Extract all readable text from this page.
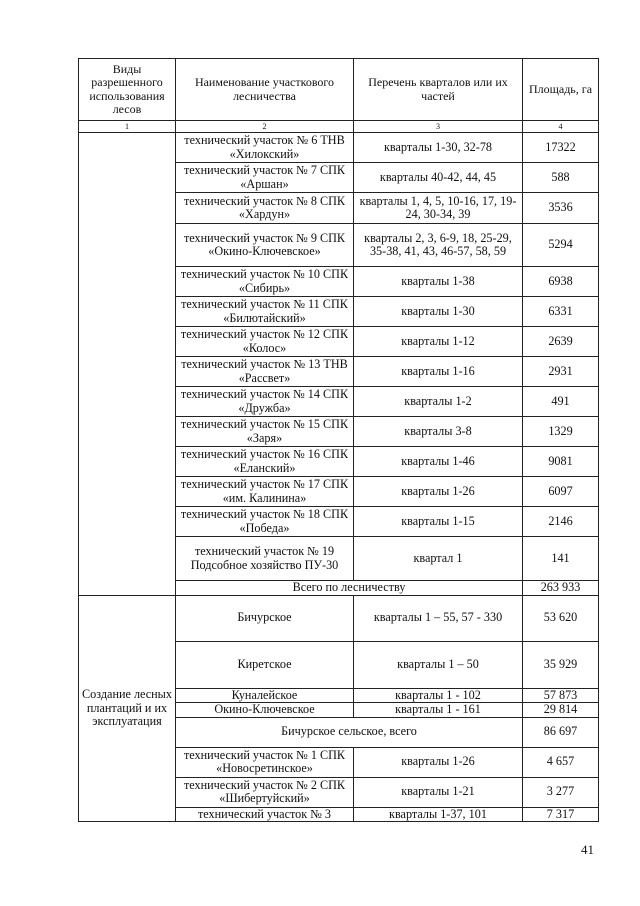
Виды разрешенного использования лесов	Наименование участкового лесничества	Перечень кварталов или их частей	Площадь, га
1	2	3	4
	технический участок № 6 ТНВ «Хилокский»	кварталы 1-30, 32-78	17322
	технический участок № 7 СПК «Аршан»	кварталы 40-42, 44, 45	588
	технический участок № 8 СПК «Хардун»	кварталы 1, 4, 5, 10-16, 17, 19-24, 30-34, 39	3536
	технический участок № 9 СПК «Окино-Ключевское»	кварталы 2, 3, 6-9, 18, 25-29, 35-38, 41, 43, 46-57, 58, 59	5294
	технический участок № 10 СПК «Сибирь»	кварталы 1-38	6938
	технический участок № 11 СПК «Билютайский»	кварталы 1-30	6331
	технический участок № 12 СПК «Колос»	кварталы 1-12	2639
	технический участок № 13 ТНВ «Рассвет»	кварталы 1-16	2931
	технический участок № 14 СПК «Дружба»	кварталы 1-2	491
	технический участок № 15 СПК «Заря»	кварталы 3-8	1329
	технический участок № 16 СПК «Еланский»	кварталы 1-46	9081
	технический участок № 17 СПК «им. Калинина»	кварталы 1-26	6097
	технический участок № 18 СПК «Победа»	кварталы 1-15	2146
	технический участок № 19 Подсобное хозяйство ПУ-30	квартал 1	141
	Всего по лесничеству		263 933
Создание лесных плантаций и их эксплуатация	Бичурское	кварталы 1 – 55, 57 - 330	53 620
	Киретское	кварталы 1 – 50	35 929
	Куналейское	кварталы 1 - 102	57 873
	Окино-Ключевское	кварталы 1 - 161	29 814
	Бичурское сельское, всего		86 697
	технический участок № 1 СПК «Новосретинское»	кварталы 1-26	4 657
	технический участок № 2 СПК «Шибертуйский»	кварталы 1-21	3 277
	технический участок № 3	кварталы 1-37, 101	7 317
41
